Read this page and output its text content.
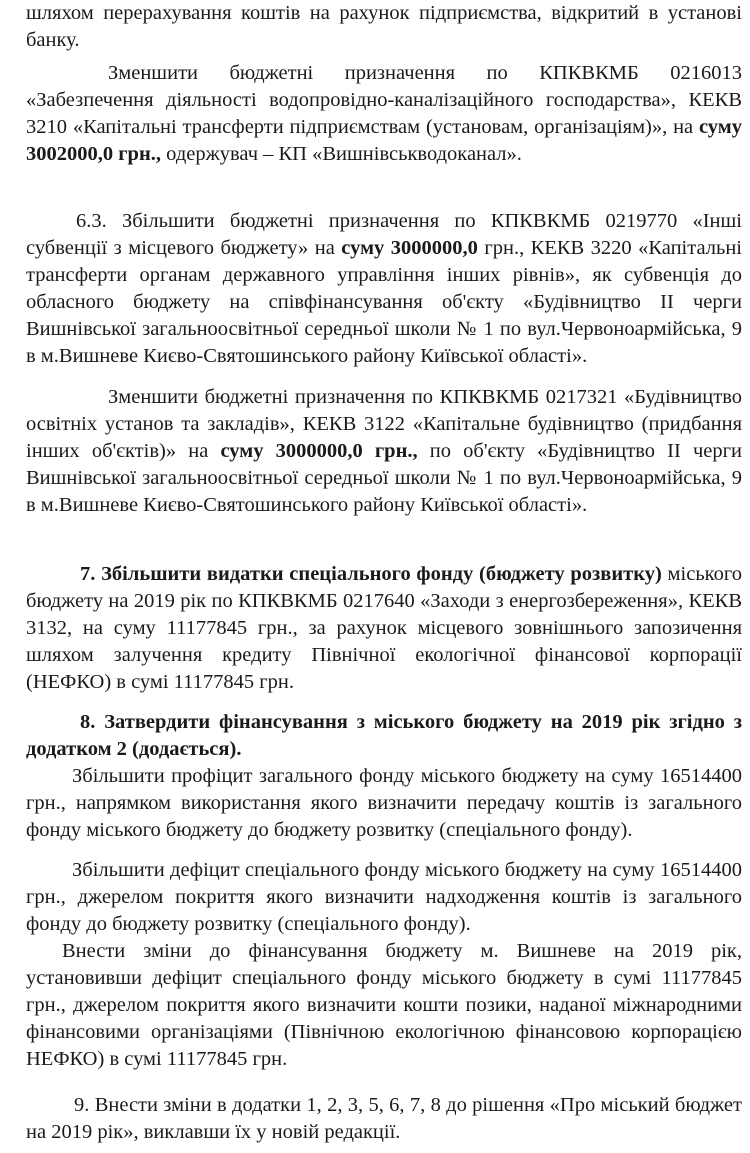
шляхом перерахування коштів на рахунок підприємства, відкритий в установі банку.

Зменшити бюджетні призначення по КПКВКМБ 0216013 «Забезпечення діяльності водопровідно-каналізаційного господарства», КЕКВ 3210 «Капітальні трансферти підприємствам (установам, організаціям)», на суму 3002000,0 грн., одержувач – КП «Вишнівськводоканал».

6.3. Збільшити бюджетні призначення по КПКВКМБ 0219770 «Інші субвенції з місцевого бюджету» на суму 3000000,0 грн., КЕКВ 3220 «Капітальні трансферти органам державного управління інших рівнів», як субвенція до обласного бюджету на співфінансування об'єкту «Будівництво ІІ черги Вишнівської загальноосвітньої середньої школи № 1 по вул.Червоноармійська, 9 в м.Вишневе Києво-Святошинського району Київської області».

Зменшити бюджетні призначення по КПКВКМБ 0217321 «Будівництво освітніх установ та закладів», КЕКВ 3122 «Капітальне будівництво (придбання інших об'єктів)» на суму 3000000,0 грн., по об'єкту «Будівництво ІІ черги Вишнівської загальноосвітньої середньої школи № 1 по вул.Червоноармійська, 9 в м.Вишневе Києво-Святошинського району Київської області».

7. Збільшити видатки спеціального фонду (бюджету розвитку) міського бюджету на 2019 рік по КПКВКМБ 0217640 «Заходи з енергозбереження», КЕКВ 3132, на суму 11177845 грн., за рахунок місцевого зовнішнього запозичення шляхом залучення кредиту Північної екологічної фінансової корпорації (НЕФКО) в сумі 11177845 грн.

8. Затвердити фінансування з міського бюджету на 2019 рік згідно з додатком 2 (додається).

Збільшити профіцит загального фонду міського бюджету на суму 16514400 грн., напрямком використання якого визначити передачу коштів із загального фонду міського бюджету до бюджету розвитку (спеціального фонду).

Збільшити дефіцит спеціального фонду міського бюджету на суму 16514400 грн., джерелом покриття якого визначити надходження коштів із загального фонду до бюджету розвитку (спеціального фонду).

Внести зміни до фінансування бюджету м. Вишневе на 2019 рік, установивши дефіцит спеціального фонду міського бюджету в сумі 11177845 грн., джерелом покриття якого визначити кошти позики, наданої міжнародними фінансовими організаціями (Північною екологічною фінансовою корпорацією НЕФКО) в сумі 11177845 грн.

9. Внести зміни в додатки 1, 2, 3, 5, 6, 7, 8 до рішення «Про міський бюджет на 2019 рік», виклавши їх у новій редакції.
